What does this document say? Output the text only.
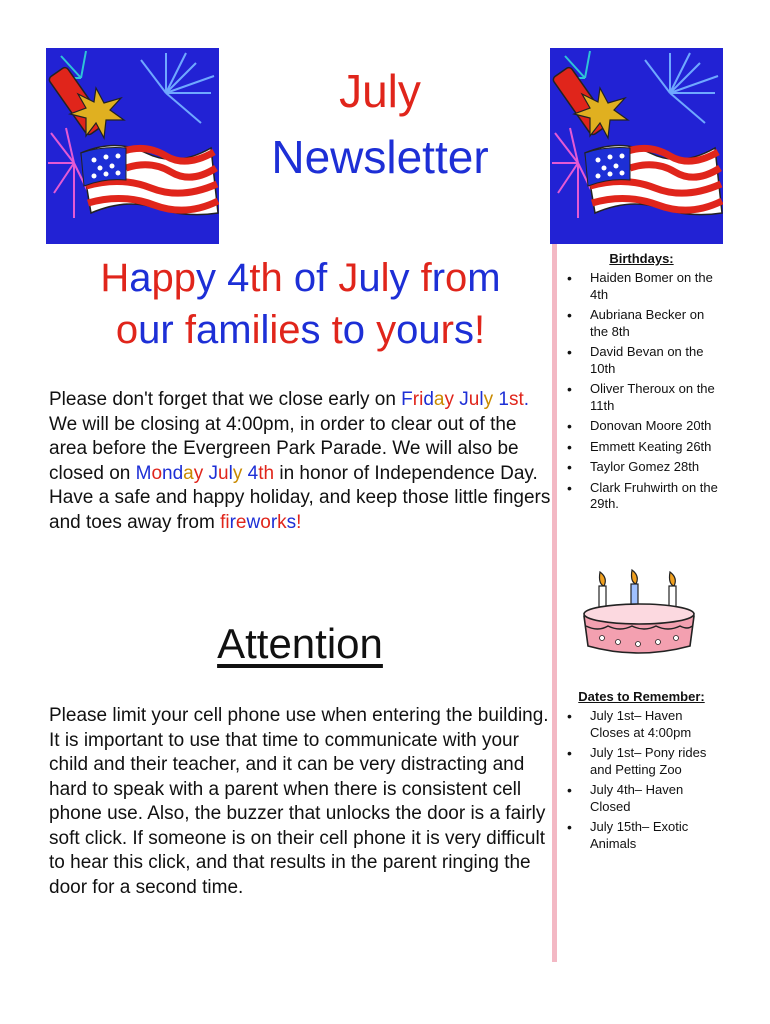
July
Newsletter
Happy 4th of July from
our families to yours!
Please don't forget that we close early on Friday July 1st. We will be closing at 4:00pm, in order to clear out of the area before the Evergreen Park Parade. We will also be closed on Monday July 4th in honor of Independence Day. Have a safe and happy holiday, and keep those little fingers and toes away from fireworks!
Attention
Please limit your cell phone use when entering the building. It is important to use that time to communicate with your child and their teacher, and it can be very distracting and hard to speak with a parent when there is consistent cell phone use. Also, the buzzer that unlocks the door is a fairly soft click. If someone is on their cell phone it is very difficult to hear this click, and that results in the parent ringing the door for a second time.
Birthdays:
• Haiden Bomer on the 4th
• Aubriana Becker on the 8th
• David Bevan on the 10th
• Oliver Theroux on the 11th
• Donovan Moore 20th
• Emmett Keating 26th
• Taylor Gomez 28th
• Clark Fruhwirth on the 29th.
Dates to Remember:
• July 1st– Haven Closes at 4:00pm
• July 1st– Pony rides and Petting Zoo
• July 4th– Haven Closed
• July 15th– Exotic Animals
